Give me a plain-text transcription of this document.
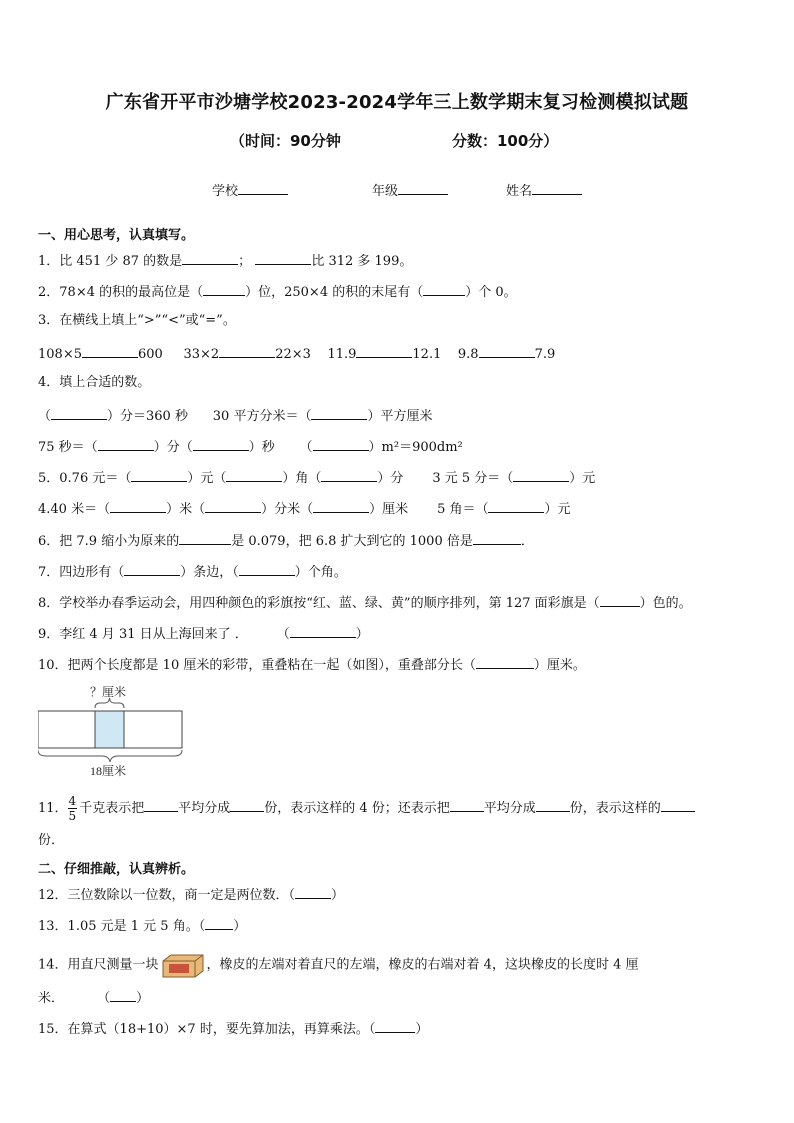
广东省开平市沙塘学校2023-2024学年三上数学期末复习检测模拟试题
（时间：90分钟	分数：100分）
学校	年级	姓名
一、用心思考，认真填写。
1．比 451 少 87 的数是	；	比 312 多 199。
2．78×4 的积的最高位是（	）位，250×4 的积的末尾有（	）个 0。
3．在横线上填上“>”“<”或“=”。
108×5	600 33×2	22×3 11.9	12.1 9.8	7.9
4．填上合适的数。
（	）分＝360 秒 30 平方分米＝（	）平方厘米
75 秒＝（	）分（	）秒 （	）m²＝900dm²
5．0.76 元＝（	）元（	）角（	）分 3 元 5 分＝（	）元
4.40 米＝（	）米（	）分米（	）厘米 5 角＝（	）元
6．把 7.9 缩小为原来的	是 0.079，把 6.8 扩大到它的 1000 倍是	．
7．四边形有（	）条边，（	）个角。
8．学校举办春季运动会，用四种颜色的彩旗按“红、蓝、绿、黄”的顺序排列，第 127 面彩旗是（	）色的。
9．李红 4 月 31 日从上海回来了 ． （	）
10．把两个长度都是 10 厘米的彩带，重叠粘在一起（如图），重叠部分长（	）厘米。
？厘米
18厘米
11． $\frac{4}{5}$ 千克表示把	平均分成	份，表示这样的 4 份；还表示把	平均分成	份，表示这样的
份．
二、仔细推敲，认真辨析。
12．三位数除以一位数，商一定是两位数．（	）
13．1.05 元是 1 元 5 角。（ ）
14．用直尺测量一块	，橡皮的左端对着直尺的左端，橡皮的右端对着 4，这块橡皮的长度时 4 厘
米．	（ ）
15．在算式（18+10）×7 时，要先算加法，再算乘法。（	）
